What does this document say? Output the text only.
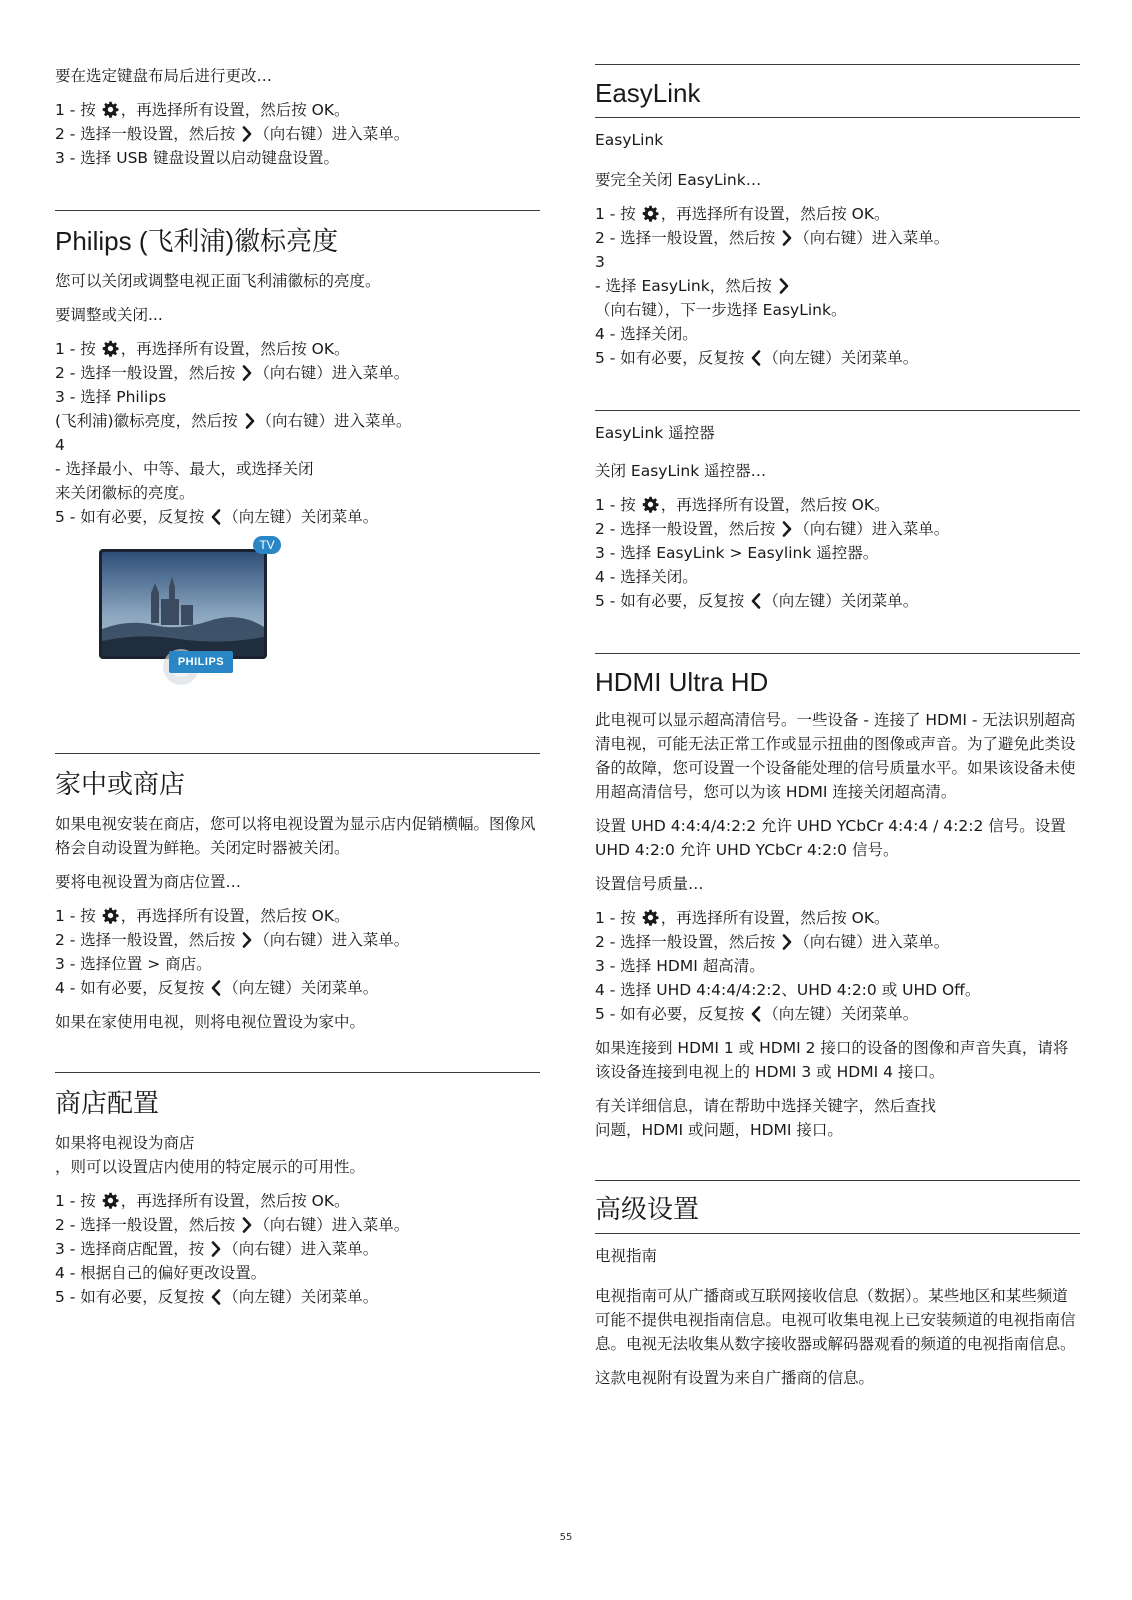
要在选定键盘布局后进行更改…

1 - 按 ，再选择所有设置，然后按 OK。
2 - 选择一般设置，然后按 （向右键）进入菜单。
3 - 选择 USB 键盘设置以启动键盘设置。
Philips (飞利浦)徽标亮度

您可以关闭或调整电视正面飞利浦徽标的亮度。

要调整或关闭...

1 - 按 ，再选择所有设置，然后按 OK。
2 - 选择一般设置，然后按 （向右键）进入菜单。
3 - 选择 Philips
(飞利浦)徽标亮度，然后按 （向右键）进入菜单。
4
- 选择最小、中等、最大，或选择关闭
来关闭徽标的亮度。
5 - 如有必要，反复按 （向左键）关闭菜单。
TV
PHILIPS
家中或商店

如果电视安装在商店，您可以将电视设置为显示店内促销横幅。图像风格会自动设置为鲜艳。关闭定时器被关闭。

要将电视设置为商店位置…

1 - 按 ，再选择所有设置，然后按 OK。
2 - 选择一般设置，然后按 （向右键）进入菜单。
3 - 选择位置 > 商店。
4 - 如有必要，反复按 （向左键）关闭菜单。

如果在家使用电视，则将电视位置设为家中。

商店配置

如果将电视设为商店
，则可以设置店内使用的特定展示的可用性。

1 - 按 ，再选择所有设置，然后按 OK。
2 - 选择一般设置，然后按 （向右键）进入菜单。
3 - 选择商店配置，按 （向右键）进入菜单。
4 - 根据自己的偏好更改设置。
5 - 如有必要，反复按 （向左键）关闭菜单。
EasyLink

EasyLink

要完全关闭 EasyLink…

1 - 按 ，再选择所有设置，然后按 OK。
2 - 选择一般设置，然后按 （向右键）进入菜单。
3
- 选择 EasyLink，然后按
（向右键），下一步选择 EasyLink。
4 - 选择关闭。
5 - 如有必要，反复按 （向左键）关闭菜单。

EasyLink 遥控器

关闭 EasyLink 遥控器…

1 - 按 ，再选择所有设置，然后按 OK。
2 - 选择一般设置，然后按 （向右键）进入菜单。
3 - 选择 EasyLink > Easylink 遥控器。
4 - 选择关闭。
5 - 如有必要，反复按 （向左键）关闭菜单。
HDMI Ultra HD

此电视可以显示超高清信号。一些设备 - 连接了 HDMI - 无法识别超高清电视，可能无法正常工作或显示扭曲的图像或声音。为了避免此类设备的故障，您可设置一个设备能处理的信号质量水平。如果该设备未使用超高清信号，您可以为该 HDMI 连接关闭超高清。

设置 UHD 4:4:4/4:2:2 允许 UHD YCbCr 4:4:4 / 4:2:2 信号。设置 UHD 4:2:0 允许 UHD YCbCr 4:2:0 信号。

设置信号质量…

1 - 按 ，再选择所有设置，然后按 OK。
2 - 选择一般设置，然后按 （向右键）进入菜单。
3 - 选择 HDMI 超高清。
4 - 选择 UHD 4:4:4/4:2:2、UHD 4:2:0 或 UHD Off。
5 - 如有必要，反复按 （向左键）关闭菜单。

如果连接到 HDMI 1 或 HDMI 2 接口的设备的图像和声音失真，请将该设备连接到电视上的 HDMI 3 或 HDMI 4 接口。

有关详细信息，请在帮助中选择关键字，然后查找
问题，HDMI 或问题，HDMI 接口。

高级设置

电视指南

电视指南可从广播商或互联网接收信息（数据）。某些地区和某些频道可能不提供电视指南信息。电视可收集电视上已安装频道的电视指南信息。电视无法收集从数字接收器或解码器观看的频道的电视指南信息。

这款电视附有设置为来自广播商的信息。

55
